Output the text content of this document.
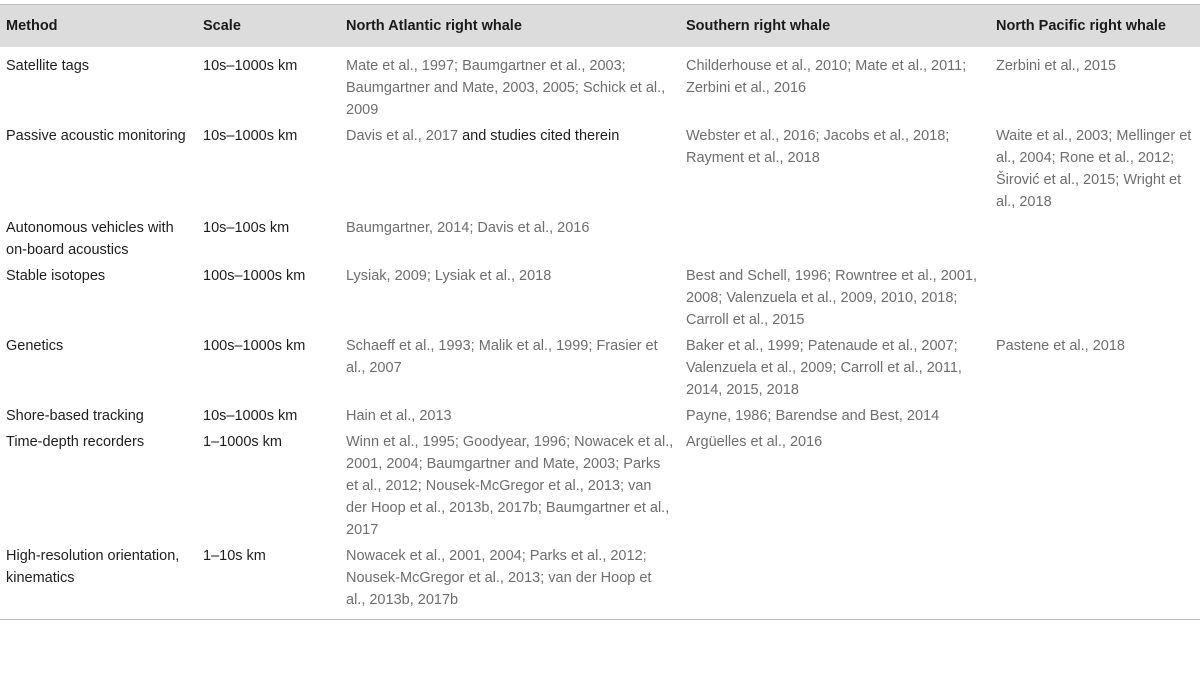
Method	Scale	North Atlantic right whale	Southern right whale	North Pacific right whale
Satellite tags	10s–1000s km	Mate et al., 1997; Baumgartner et al., 2003; Baumgartner and Mate, 2003, 2005; Schick et al., 2009	Childerhouse et al., 2010; Mate et al., 2011; Zerbini et al., 2016	Zerbini et al., 2015
Passive acoustic monitoring	10s–1000s km	Davis et al., 2017 and studies cited therein	Webster et al., 2016; Jacobs et al., 2018; Rayment et al., 2018	Waite et al., 2003; Mellinger et al., 2004; Rone et al., 2012; Širović et al., 2015; Wright et al., 2018
Autonomous vehicles with on-board acoustics	10s–100s km	Baumgartner, 2014; Davis et al., 2016		
Stable isotopes	100s–1000s km	Lysiak, 2009; Lysiak et al., 2018	Best and Schell, 1996; Rowntree et al., 2001, 2008; Valenzuela et al., 2009, 2010, 2018; Carroll et al., 2015	
Genetics	100s–1000s km	Schaeff et al., 1993; Malik et al., 1999; Frasier et al., 2007	Baker et al., 1999; Patenaude et al., 2007; Valenzuela et al., 2009; Carroll et al., 2011, 2014, 2015, 2018	Pastene et al., 2018
Shore-based tracking	10s–1000s km	Hain et al., 2013	Payne, 1986; Barendse and Best, 2014	
Time-depth recorders	1–1000s km	Winn et al., 1995; Goodyear, 1996; Nowacek et al., 2001, 2004; Baumgartner and Mate, 2003; Parks et al., 2012; Nousek-McGregor et al., 2013; van der Hoop et al., 2013b, 2017b; Baumgartner et al., 2017	Argüelles et al., 2016	
High-resolution orientation, kinematics	1–10s km	Nowacek et al., 2001, 2004; Parks et al., 2012; Nousek-McGregor et al., 2013; van der Hoop et al., 2013b, 2017b		
